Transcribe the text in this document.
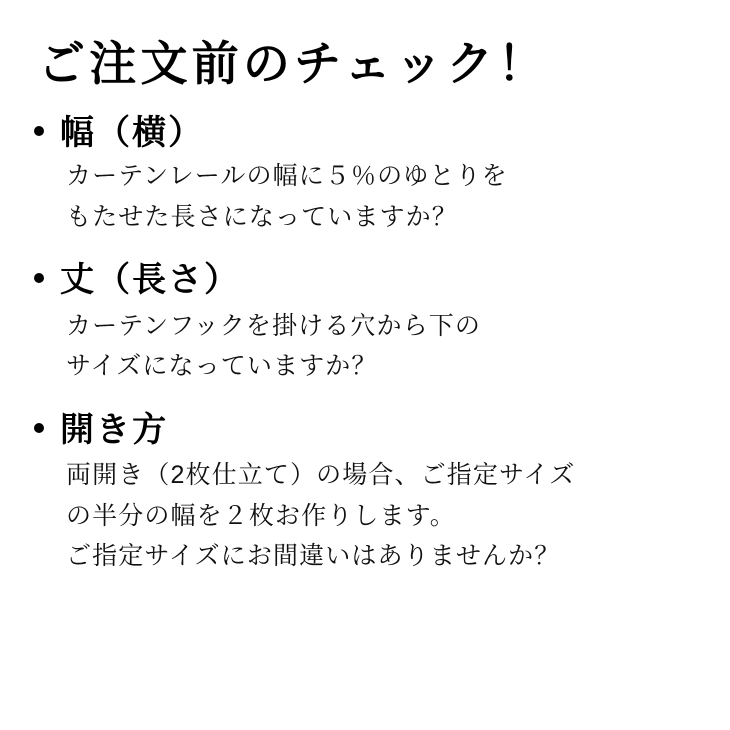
ご注文前のチェック！
幅（横）
カーテンレールの幅に５％のゆとりを
もたせた長さになっていますか？
丈（長さ）
カーテンフックを掛ける穴から下の
サイズになっていますか？
開き方
両開き（2枚仕立て）の場合、ご指定サイズ
の半分の幅を２枚お作りします。
ご指定サイズにお間違いはありませんか？
